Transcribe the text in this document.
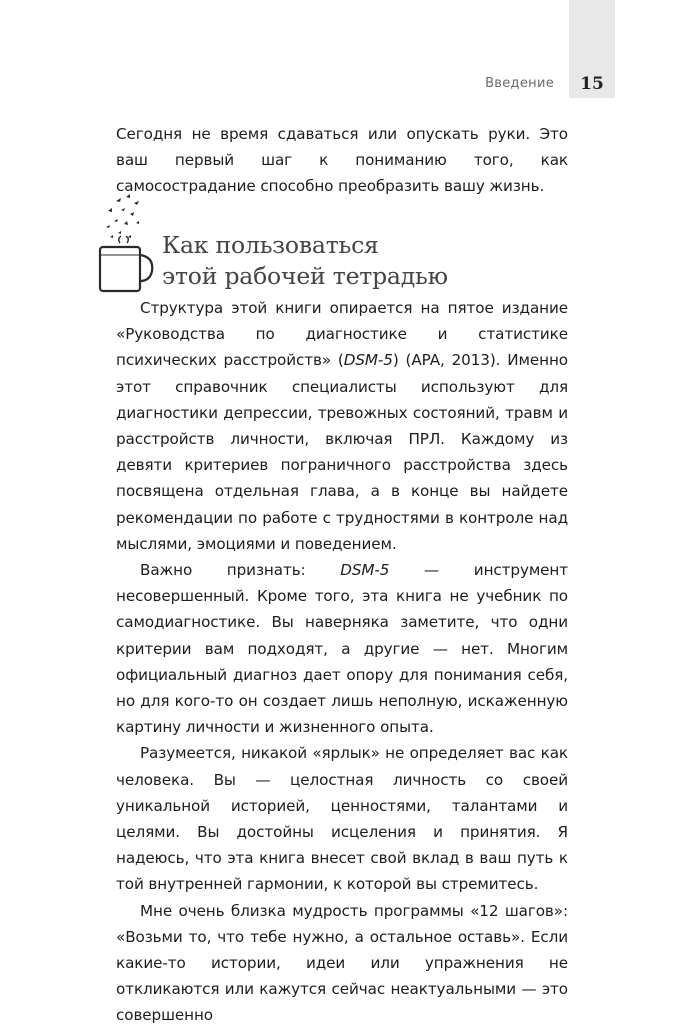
Введение	15

Сегодня не время сдаваться или опускать руки. Это ваш первый шаг к пониманию того, как самосострадание способно преобразить вашу жизнь.

Как пользоваться
этой рабочей тетрадью

Структура этой книги опирается на пятое издание «Руководства по диагностике и статистике психических расстройств» (DSM-5) (APA, 2013). Именно этот справочник специалисты используют для диагностики депрессии, тревожных состояний, травм и расстройств личности, включая ПРЛ. Каждому из девяти критериев пограничного расстройства здесь посвящена отдельная глава, а в конце вы найдете рекомендации по работе с трудностями в контроле над мыслями, эмоциями и поведением.

Важно признать: DSM-5 — инструмент несовершенный. Кроме того, эта книга не учебник по самодиагностике. Вы наверняка заметите, что одни критерии вам подходят, а другие — нет. Многим официальный диагноз дает опору для понимания себя, но для кого-то он создает лишь неполную, искаженную картину личности и жизненного опыта.

Разумеется, никакой «ярлык» не определяет вас как человека. Вы — целостная личность со своей уникальной историей, ценностями, талантами и целями. Вы достойны исцеления и принятия. Я надеюсь, что эта книга внесет свой вклад в ваш путь к той внутренней гармонии, к которой вы стремитесь.

Мне очень близка мудрость программы «12 шагов»: «Возьми то, что тебе нужно, а остальное оставь». Если какие-то истории, идеи или упражнения не откликаются или кажутся сейчас неактуальными — это совершенно
